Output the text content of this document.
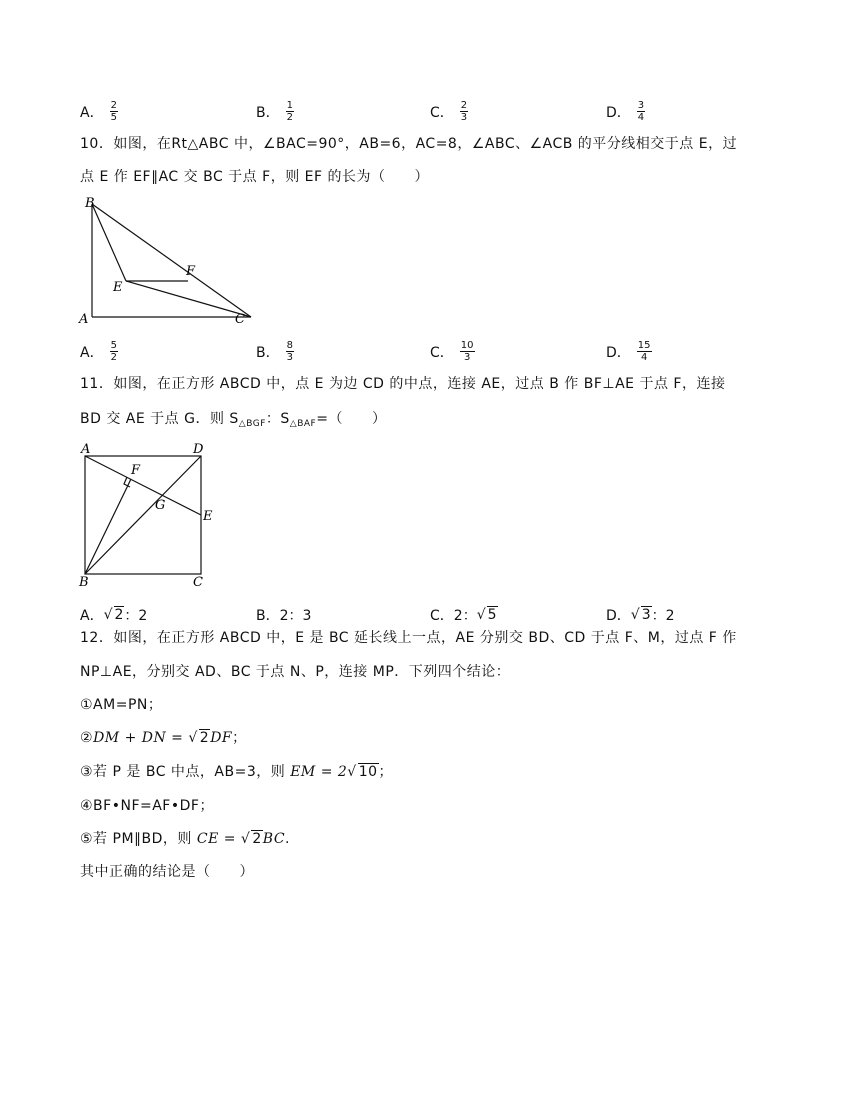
A． $\frac{2}{5}$	B． $\frac{1}{2}$	C． $\frac{2}{3}$	D． $\frac{3}{4}$
10．如图，在Rt△ABC 中，∠BAC=90°，AB=6，AC=8，∠ABC、∠ACB 的平分线相交于点 E，过
点 E 作 EF∥AC 交 BC 于点 F，则 EF 的长为（　　）
B
A	C
E
F
A． $\frac{5}{2}$	B． $\frac{8}{3}$	C． $\frac{10}{3}$	D． $\frac{15}{4}$
11．如图，在正方形 ABCD 中，点 E 为边 CD 的中点，连接 AE，过点 B 作 BF⊥AE 于点 F，连接
BD 交 AE 于点 G．则 $S_{\triangle BGF}$：$S_{\triangle BAF}=$（　　）
A	D
B	C
E
F
G
A． √ 2 ：2	B． 2：3	C． 2： √ 5	D． √ 3 ：2
12．如图，在正方形 ABCD 中，E 是 BC 延长线上一点，AE 分别交 BD、CD 于点 F、M，过点 F 作
NP⊥AE，分别交 AD、BC 于点 N、P，连接 MP．下列四个结论：
①AM=PN；
②DM + DN = √ 2DF；
③若 P 是 BC 中点，AB=3，则 EM = 2√ 10；
④BF•NF=AF•DF；
⑤若 PM∥BD，则 CE = √ 2BC.
其中正确的结论是（　　）
